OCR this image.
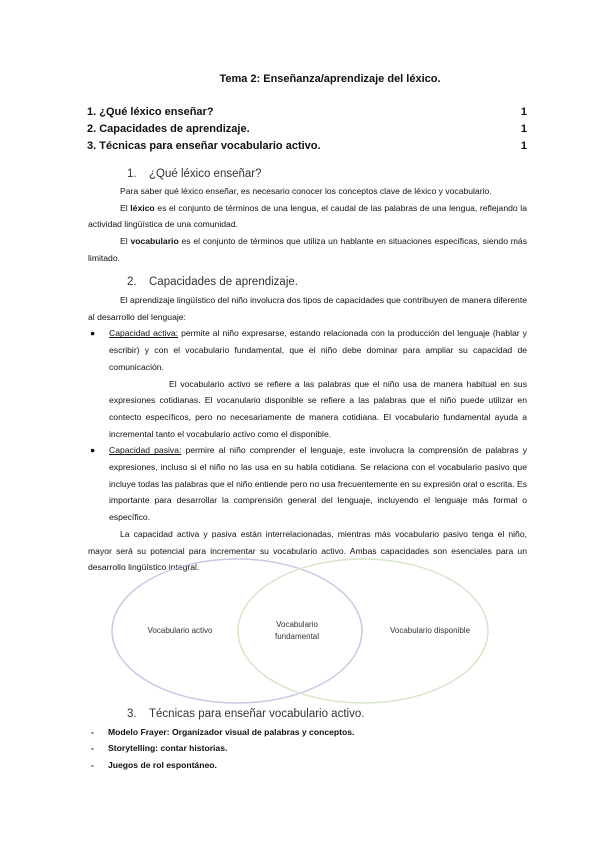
Tema 2: Enseñanza/aprendizaje del léxico.
1. ¿Qué léxico enseñar?	1
2. Capacidades de aprendizaje.	1
3. Técnicas para enseñar vocabulario activo.	1
1. ¿Qué léxico enseñar?

Para saber qué léxico enseñar, es necesario conocer los conceptos clave de léxico y vocabulario.

El léxico es el conjunto de términos de una lengua, el caudal de las palabras de una lengua, reflejando la actividad lingüística de una comunidad.

El vocabulario es el conjunto de términos que utiliza un hablante en situaciones específicas, siendo más limitado.

2. Capacidades de aprendizaje.

El aprendizaje lingüístico del niño involucra dos tipos de capacidades que contribuyen de manera diferente al desarrollo del lenguaje:

● Capacidad activa: permite al niño expresarse, estando relacionada con la producción del lenguaje (hablar y escribir) y con el vocabulario fundamental, que el niño debe dominar para ampliar su capacidad de comunicación.

El vocabulario activo se refiere a las palabras que el niño usa de manera habitual en sus expresiones cotidianas. El vocanulario disponible se refiere a las palabras que el niño puede utilizar en contecto específicos, pero no necesariamente de manera cotidiana. El vocabulario fundamental ayuda a incremental tanto el vocabulario activo como el disponible.

● Capacidad pasiva: permire al niño comprender el lenguaje, este involucra la comprensión de palabras y expresiones, incluso si el niño no las usa en su habla cotidiana. Se relaciona con el vocabulario pasivo que incluye todas las palabras que el niño entiende pero no usa frecuentemente en su expresión oral o escrita. Es importante para desarrollar la comprensión general del lenguaje, incluyendo el lenguaje más formal o específico.

La capacidad activa y pasiva están interrelacionadas, mientras más vocabulario pasivo tenga el niño, mayor será su potencial para incrementar su vocabulario activo. Ambas capacidades son esenciales para un desarrollo lingüístico integral.

Vocabulario activo
Vocabulario fundamental
Vocabulario disponible
3. Técnicas para enseñar vocabulario activo.
- Modelo Frayer: Organizador visual de palabras y conceptos.
- Storytelling: contar historias.
- Juegos de rol espontáneo.
